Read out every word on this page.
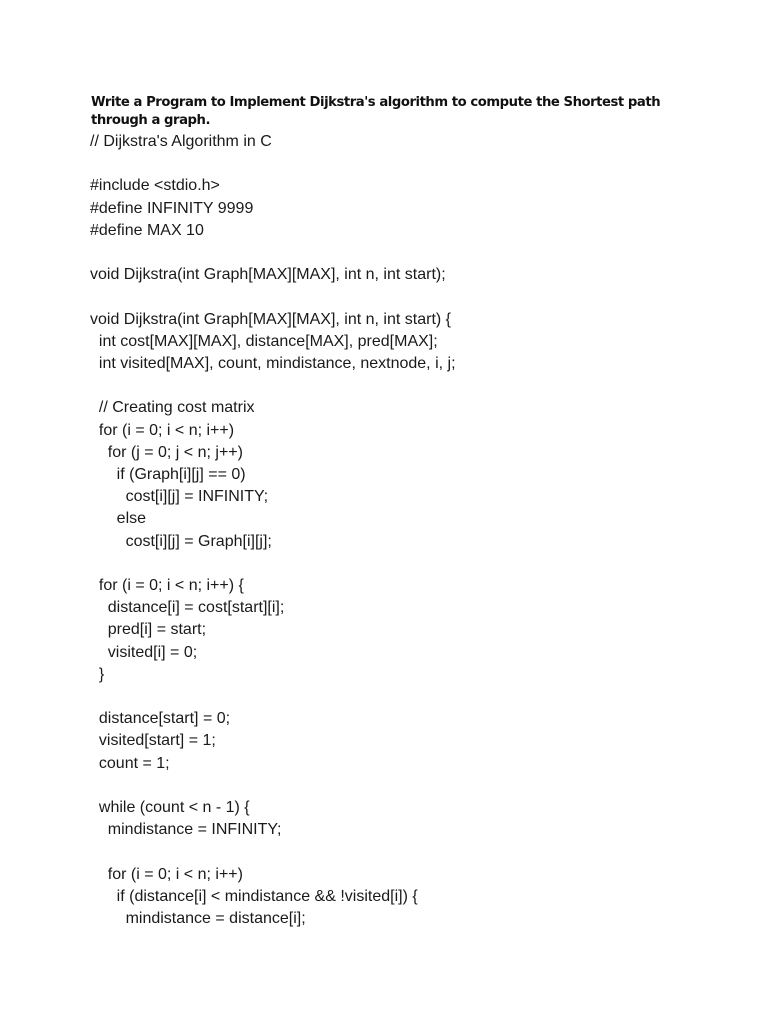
Write a Program to Implement Dijkstra's algorithm to compute the Shortest path through a graph.

// Dijkstra's Algorithm in C
#include <stdio.h>
#define INFINITY 9999
#define MAX 10
void Dijkstra(int Graph[MAX][MAX], int n, int start);
void Dijkstra(int Graph[MAX][MAX], int n, int start) {
int cost[MAX][MAX], distance[MAX], pred[MAX];
int visited[MAX], count, mindistance, nextnode, i, j;
// Creating cost matrix
for (i = 0; i < n; i++)
for (j = 0; j < n; j++)
if (Graph[i][j] == 0)
cost[i][j] = INFINITY;
else
cost[i][j] = Graph[i][j];
for (i = 0; i < n; i++) {
distance[i] = cost[start][i];
pred[i] = start;
visited[i] = 0;
}
distance[start] = 0;
visited[start] = 1;
count = 1;
while (count < n - 1) {
mindistance = INFINITY;
for (i = 0; i < n; i++)
if (distance[i] < mindistance && !visited[i]) {
mindistance = distance[i];
